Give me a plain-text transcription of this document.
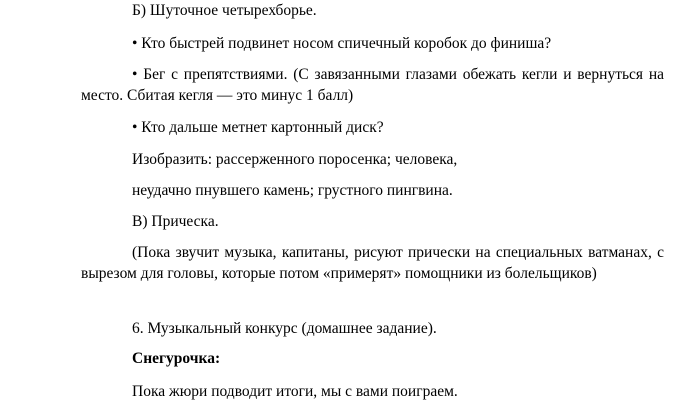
Б) Шуточное четырехборье.
• Кто быстрей подвинет носом спичечный коробок до финиша?
• Бег с препятствиями. (С завязанными глазами обежать кегли и вернуться на место. Сбитая кегля — это минус 1 балл)
• Кто дальше метнет картонный диск?
Изобразить: рассерженного поросенка; человека,
неудачно пнувшего камень; грустного пингвина.
В) Прическа.
(Пока звучит музыка, капитаны, рисуют прически на специальных ватманах, с вырезом для головы, которые потом «примерят» помощники из болельщиков)
6. Музыкальный конкурс (домашнее задание).
Снегурочка:
Пока жюри подводит итоги, мы с вами поиграем.
